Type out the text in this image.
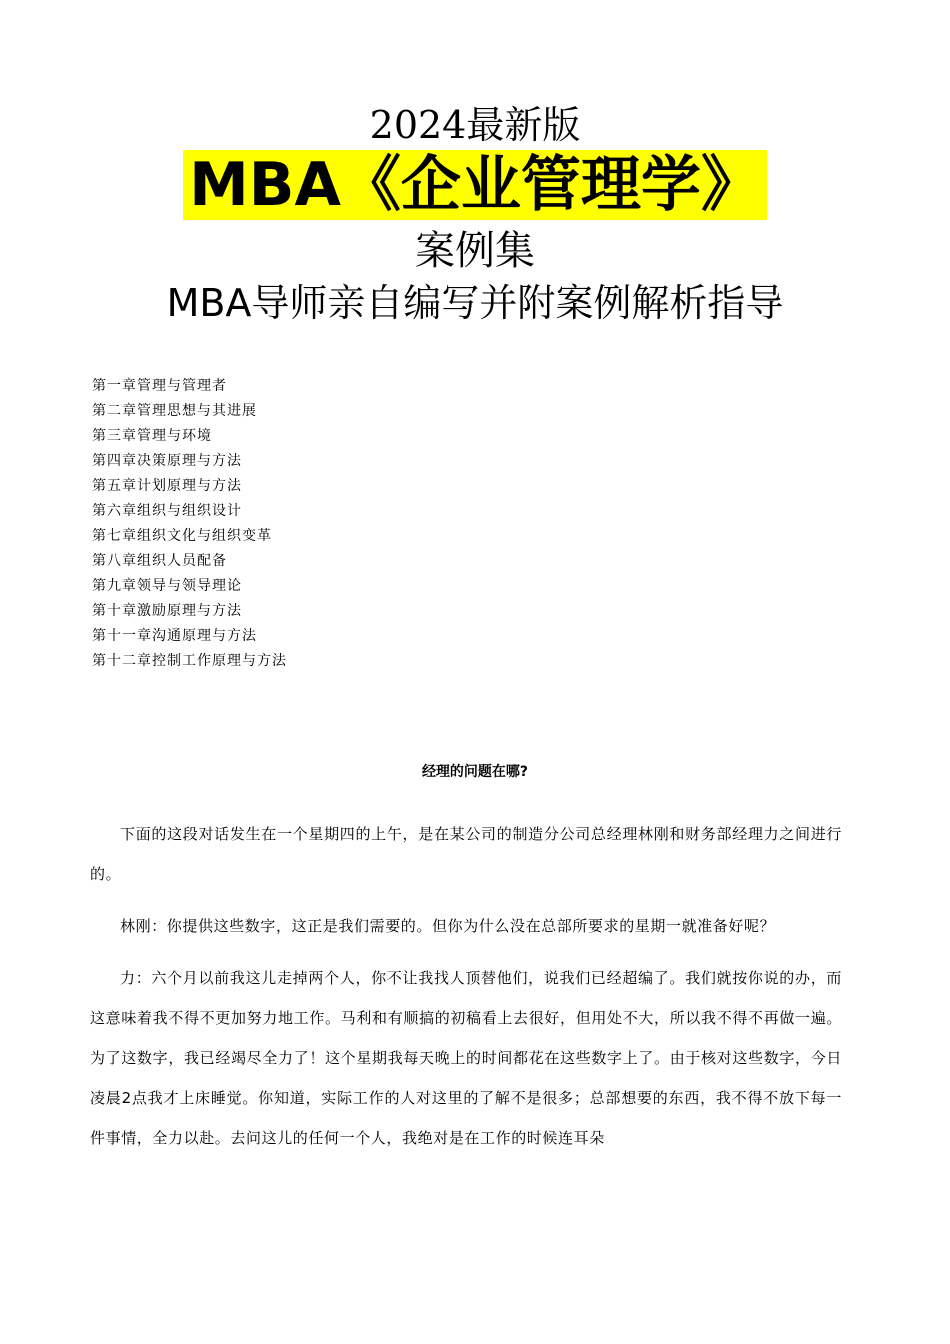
2024最新版
MBA《企业管理学》
案例集
MBA导师亲自编写并附案例解析指导
第一章管理与管理者
第二章管理思想与其进展
第三章管理与环境
第四章决策原理与方法
第五章计划原理与方法
第六章组织与组织设计
第七章组织文化与组织变革
第八章组织人员配备
第九章领导与领导理论
第十章激励原理与方法
第十一章沟通原理与方法
第十二章控制工作原理与方法
经理的问题在哪?

下面的这段对话发生在一个星期四的上午，是在某公司的制造分公司总经理林刚和财务部经理力之间进行的。

林刚：你提供这些数字，这正是我们需要的。但你为什么没在总部所要求的星期一就准备好呢？

力：六个月以前我这儿走掉两个人，你不让我找人顶替他们，说我们已经超编了。我们就按你说的办，而这意味着我不得不更加努力地工作。马利和有顺搞的初稿看上去很好，但用处不大，所以我不得不再做一遍。为了这数字，我已经竭尽全力了！这个星期我每天晚上的时间都花在这些数字上了。由于核对这些数字，今日凌晨2点我才上床睡觉。你知道，实际工作的人对这里的了解不是很多；总部想要的东西，我不得不放下每一件事情，全力以赴。去问这儿的任何一个人，我绝对是在工作的时候连耳朵
